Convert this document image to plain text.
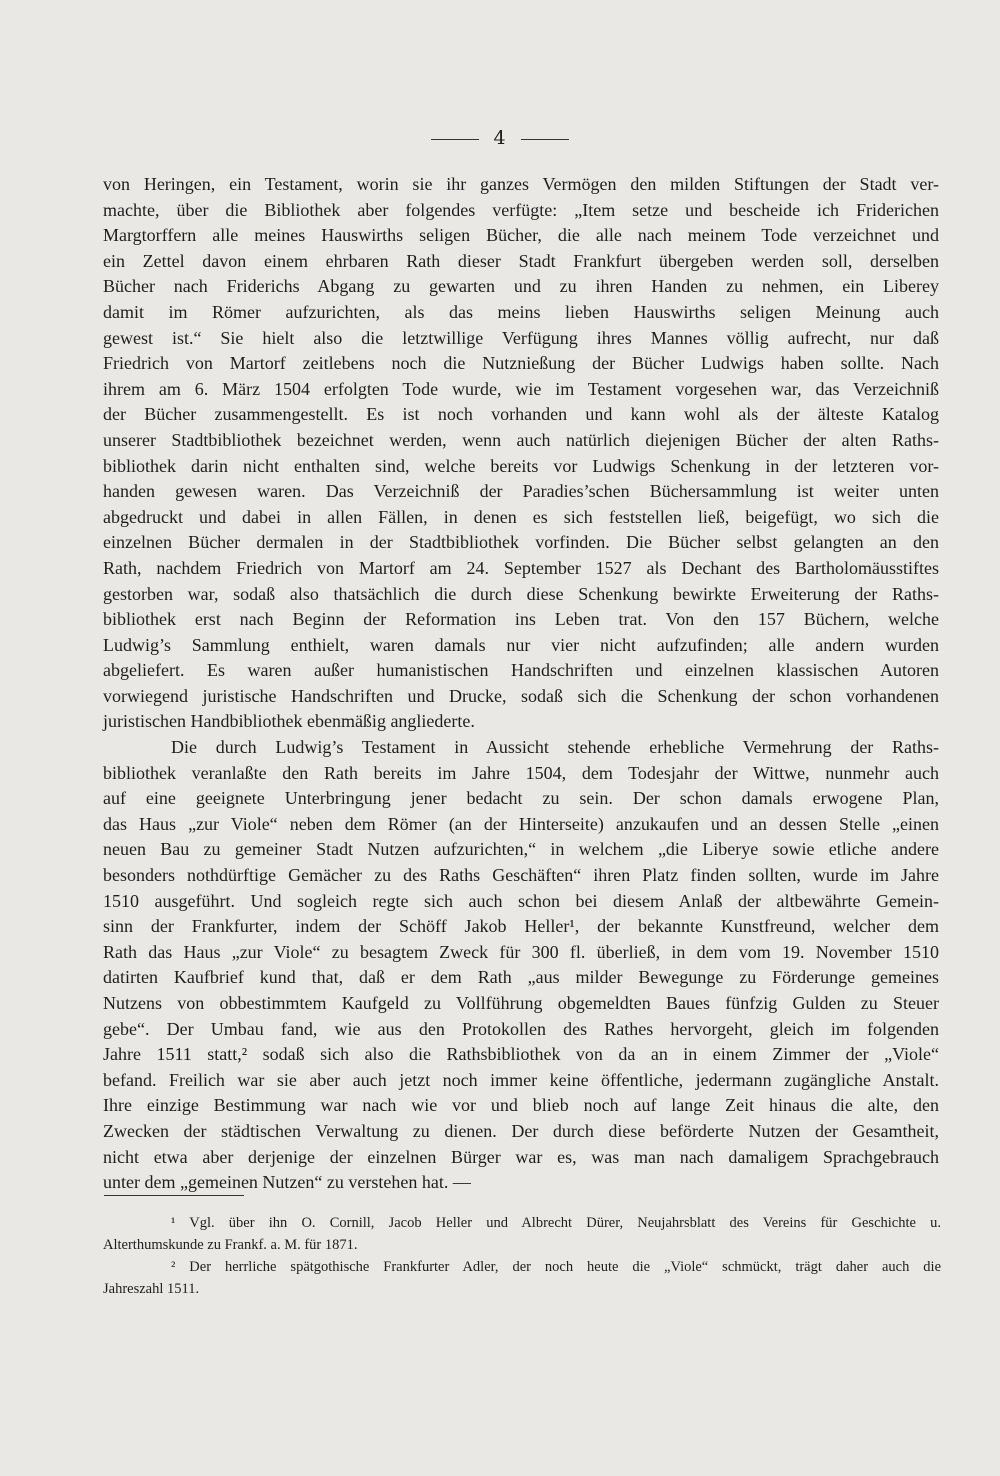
4

von Heringen, ein Testament, worin sie ihr ganzes Vermögen den milden Stiftungen der Stadt ver-
machte, über die Bibliothek aber folgendes verfügte: „Item setze und bescheide ich Friderichen
Margtorffern alle meines Hauswirths seligen Bücher, die alle nach meinem Tode verzeichnet und
ein Zettel davon einem ehrbaren Rath dieser Stadt Frankfurt übergeben werden soll, derselben
Bücher nach Friderichs Abgang zu gewarten und zu ihren Handen zu nehmen, ein Liberey
damit im Römer aufzurichten, als das meins lieben Hauswirths seligen Meinung auch
gewest ist.“ Sie hielt also die letztwillige Verfügung ihres Mannes völlig aufrecht, nur daß
Friedrich von Martorf zeitlebens noch die Nutznießung der Bücher Ludwigs haben sollte. Nach
ihrem am 6. März 1504 erfolgten Tode wurde, wie im Testament vorgesehen war, das Verzeichniß
der Bücher zusammengestellt. Es ist noch vorhanden und kann wohl als der älteste Katalog
unserer Stadtbibliothek bezeichnet werden, wenn auch natürlich diejenigen Bücher der alten Raths-
bibliothek darin nicht enthalten sind, welche bereits vor Ludwigs Schenkung in der letzteren vor-
handen gewesen waren. Das Verzeichniß der Paradies’schen Büchersammlung ist weiter unten
abgedruckt und dabei in allen Fällen, in denen es sich feststellen ließ, beigefügt, wo sich die
einzelnen Bücher dermalen in der Stadtbibliothek vorfinden. Die Bücher selbst gelangten an den
Rath, nachdem Friedrich von Martorf am 24. September 1527 als Dechant des Bartholomäusstiftes
gestorben war, sodaß also thatsächlich die durch diese Schenkung bewirkte Erweiterung der Raths-
bibliothek erst nach Beginn der Reformation ins Leben trat. Von den 157 Büchern, welche
Ludwig’s Sammlung enthielt, waren damals nur vier nicht aufzufinden; alle andern wurden
abgeliefert. Es waren außer humanistischen Handschriften und einzelnen klassischen Autoren
vorwiegend juristische Handschriften und Drucke, sodaß sich die Schenkung der schon vorhandenen
juristischen Handbibliothek ebenmäßig angliederte.

Die durch Ludwig’s Testament in Aussicht stehende erhebliche Vermehrung der Raths-
bibliothek veranlaßte den Rath bereits im Jahre 1504, dem Todesjahr der Wittwe, nunmehr auch
auf eine geeignete Unterbringung jener bedacht zu sein. Der schon damals erwogene Plan,
das Haus „zur Viole“ neben dem Römer (an der Hinterseite) anzukaufen und an dessen Stelle „einen
neuen Bau zu gemeiner Stadt Nutzen aufzurichten,“ in welchem „die Liberye sowie etliche andere
besonders nothdürftige Gemächer zu des Raths Geschäften“ ihren Platz finden sollten, wurde im Jahre
1510 ausgeführt. Und sogleich regte sich auch schon bei diesem Anlaß der altbewährte Gemein-
sinn der Frankfurter, indem der Schöff Jakob Heller¹, der bekannte Kunstfreund, welcher dem
Rath das Haus „zur Viole“ zu besagtem Zweck für 300 fl. überließ, in dem vom 19. November 1510
datirten Kaufbrief kund that, daß er dem Rath „aus milder Bewegunge zu Förderunge gemeines
Nutzens von obbestimmtem Kaufgeld zu Vollführung obgemeldten Baues fünfzig Gulden zu Steuer
gebe“. Der Umbau fand, wie aus den Protokollen des Rathes hervorgeht, gleich im folgenden
Jahre 1511 statt,² sodaß sich also die Rathsbibliothek von da an in einem Zimmer der „Viole“
befand. Freilich war sie aber auch jetzt noch immer keine öffentliche, jedermann zugängliche Anstalt.
Ihre einzige Bestimmung war nach wie vor und blieb noch auf lange Zeit hinaus die alte, den
Zwecken der städtischen Verwaltung zu dienen. Der durch diese beförderte Nutzen der Gesamtheit,
nicht etwa aber derjenige der einzelnen Bürger war es, was man nach damaligem Sprachgebrauch
unter dem „gemeinen Nutzen“ zu verstehen hat. —

¹ Vgl. über ihn O. Cornill, Jacob Heller und Albrecht Dürer, Neujahrsblatt des Vereins für Geschichte u.
Alterthumskunde zu Frankf. a. M. für 1871.
² Der herrliche spätgothische Frankfurter Adler, der noch heute die „Viole“ schmückt, trägt daher auch die
Jahreszahl 1511.
